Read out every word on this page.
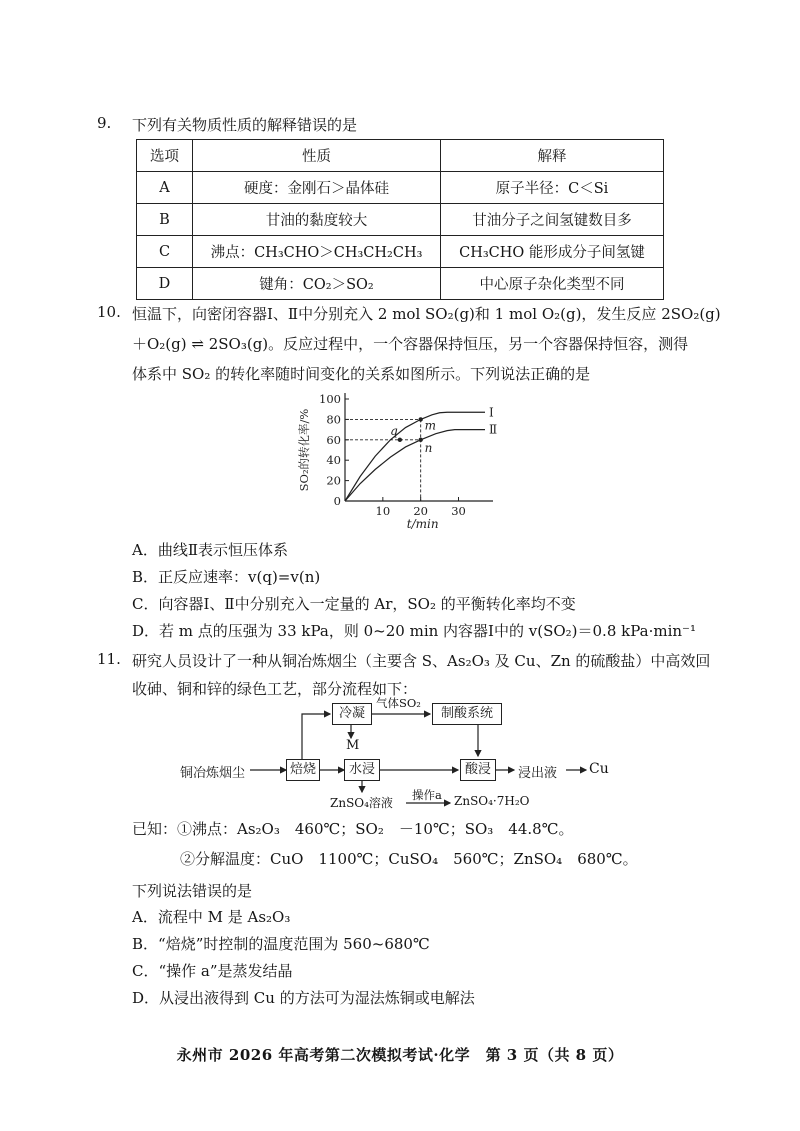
9. 下列有关物质性质的解释错误的是
选项	性质	解释
A	硬度：金刚石＞晶体硅	原子半径：C＜Si
B	甘油的黏度较大	甘油分子之间氢键数目多
C	沸点：CH₃CHO＞CH₃CH₂CH₃	CH₃CHO 能形成分子间氢键
D	键角：CO₂＞SO₂	中心原子杂化类型不同
10. 恒温下，向密闭容器Ⅰ、Ⅱ中分别充入 2 mol SO₂(g)和 1 mol O₂(g)，发生反应 2SO₂(g)
＋O₂(g) ⇌ 2SO₃(g)。反应过程中，一个容器保持恒压，另一个容器保持恒容，测得
体系中 SO₂ 的转化率随时间变化的关系如图所示。下列说法正确的是
0
20
40
60
80
100
10 20 30
t/min
SO₂的转化率/%	Ⅰ
Ⅱ
m
n
q
A．曲线Ⅱ表示恒压体系
B．正反应速率：v(q)=v(n)
C．向容器Ⅰ、Ⅱ中分别充入一定量的 Ar，SO₂ 的平衡转化率均不变
D．若 m 点的压强为 33 kPa，则 0~20 min 内容器Ⅰ中的 v(SO₂)＝0.8 kPa·min⁻¹
11. 研究人员设计了一种从铜冶炼烟尘（主要含 S、As₂O₃ 及 Cu、Zn 的硫酸盐）中高效回
收砷、铜和锌的绿色工艺，部分流程如下：
铜冶炼烟尘	焙烧
冷凝
气体SO₂
制酸系统
M
水浸	酸浸	浸出液 Cu
ZnSO₄溶液
操作a ZnSO₄·7H₂O
已知：①沸点：As₂O₃　460℃；SO₂　－10℃；SO₃　44.8℃。
②分解温度：CuO　1100℃；CuSO₄　560℃；ZnSO₄　680℃。
下列说法错误的是
A．流程中 M 是 As₂O₃
B．“焙烧”时控制的温度范围为 560~680℃
C．“操作 a”是蒸发结晶
D．从浸出液得到 Cu 的方法可为湿法炼铜或电解法
永州市 2026 年高考第二次模拟考试·化学　第 3 页（共 8 页）
